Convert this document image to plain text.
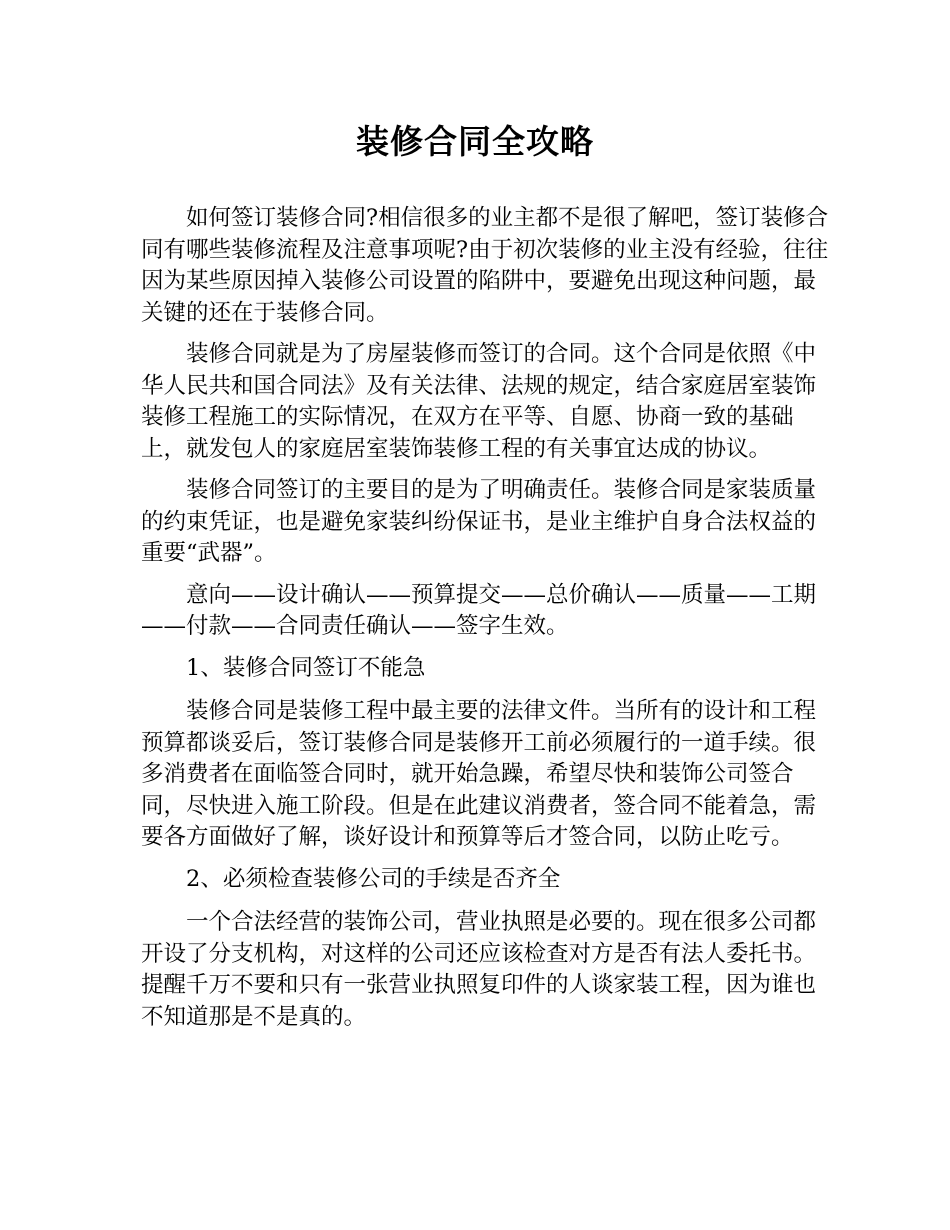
装修合同全攻略

如何签订装修合同?相信很多的业主都不是很了解吧，签订装修合同有哪些装修流程及注意事项呢?由于初次装修的业主没有经验，往往因为某些原因掉入装修公司设置的陷阱中，要避免出现这种问题，最关键的还在于装修合同。

装修合同就是为了房屋装修而签订的合同。这个合同是依照《中华人民共和国合同法》及有关法律、法规的规定，结合家庭居室装饰装修工程施工的实际情况，在双方在平等、自愿、协商一致的基础上，就发包人的家庭居室装饰装修工程的有关事宜达成的协议。

装修合同签订的主要目的是为了明确责任。装修合同是家装质量的约束凭证，也是避免家装纠纷保证书，是业主维护自身合法权益的重要“武器”。

意向——设计确认——预算提交——总价确认——质量——工期——付款——合同责任确认——签字生效。

1、装修合同签订不能急

装修合同是装修工程中最主要的法律文件。当所有的设计和工程预算都谈妥后，签订装修合同是装修开工前必须履行的一道手续。很多消费者在面临签合同时，就开始急躁，希望尽快和装饰公司签合同，尽快进入施工阶段。但是在此建议消费者，签合同不能着急，需要各方面做好了解，谈好设计和预算等后才签合同，以防止吃亏。

2、必须检查装修公司的手续是否齐全

一个合法经营的装饰公司，营业执照是必要的。现在很多公司都开设了分支机构，对这样的公司还应该检查对方是否有法人委托书。提醒千万不要和只有一张营业执照复印件的人谈家装工程，因为谁也不知道那是不是真的。
